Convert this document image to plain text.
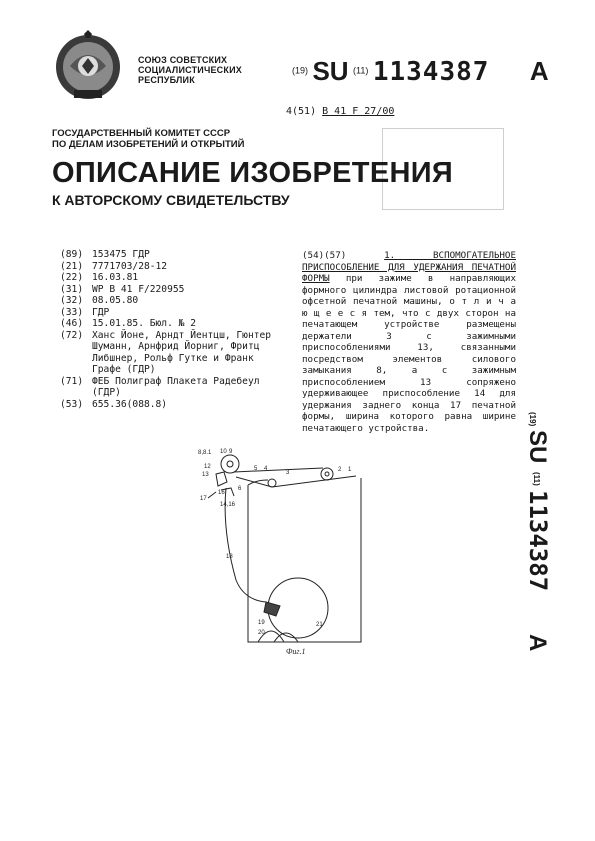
СОЮЗ СОВЕТСКИХ
СОЦИАЛИСТИЧЕСКИХ
РЕСПУБЛИК
$^{(19)}$ SU $^{(11)}$ 1134387 A
4(51) В 41 F 27/00
ГОСУДАРСТВЕННЫЙ КОМИТЕТ СССР
ПО ДЕЛАМ ИЗОБРЕТЕНИЙ И ОТКРЫТИЙ
ОПИСАНИЕ ИЗОБРЕТЕНИЯ
К АВТОРСКОМУ СВИДЕТЕЛЬСТВУ
(89) 153475 ГДР
(21) 7771703/28-12
(22) 16.03.81
(31) WP B 41 F/220955
(32) 08.05.80
(33) ГДР
(46) 15.01.85. Бюл. № 2
(72) Ханс Йоне, Арндт Йентцш, Гюнтер Шуманн, Арнфрид Йорниг, Фритц Либшнер, Рольф Гутке и Франк Графе (ГДР)
(71) ФЕБ Полиграф Плакета Радебеул (ГДР)
(53) 655.36(088.8)
(54)(57)	1. ВСПОМОГАТЕЛЬНОЕ ПРИСПОСОБЛЕНИЕ ДЛЯ УДЕРЖАНИЯ ПЕЧАТНОЙ ФОРМЫ при зажиме в направляющих формного цилиндра листовой ротационной офсетной печатной машины, о т л и ч а ю щ е е с я тем, что с двух сторон на печатающем устройстве размещены держатели 3 с зажимными приспособлениями 13, связанными посредством элементов силового замыкания 8, а с зажимным приспособлением 13 сопряжено удерживающее приспособление 14 для удержания заднего конца 17 печатной формы, ширина которого равна ширине печатающего устройства.
(19)
SU
(11)
1134387
A
8,8.1 10 9
5 4
3	2 1
12
13
17
16
14,16
6
18
19
20
21
Фиг.1
